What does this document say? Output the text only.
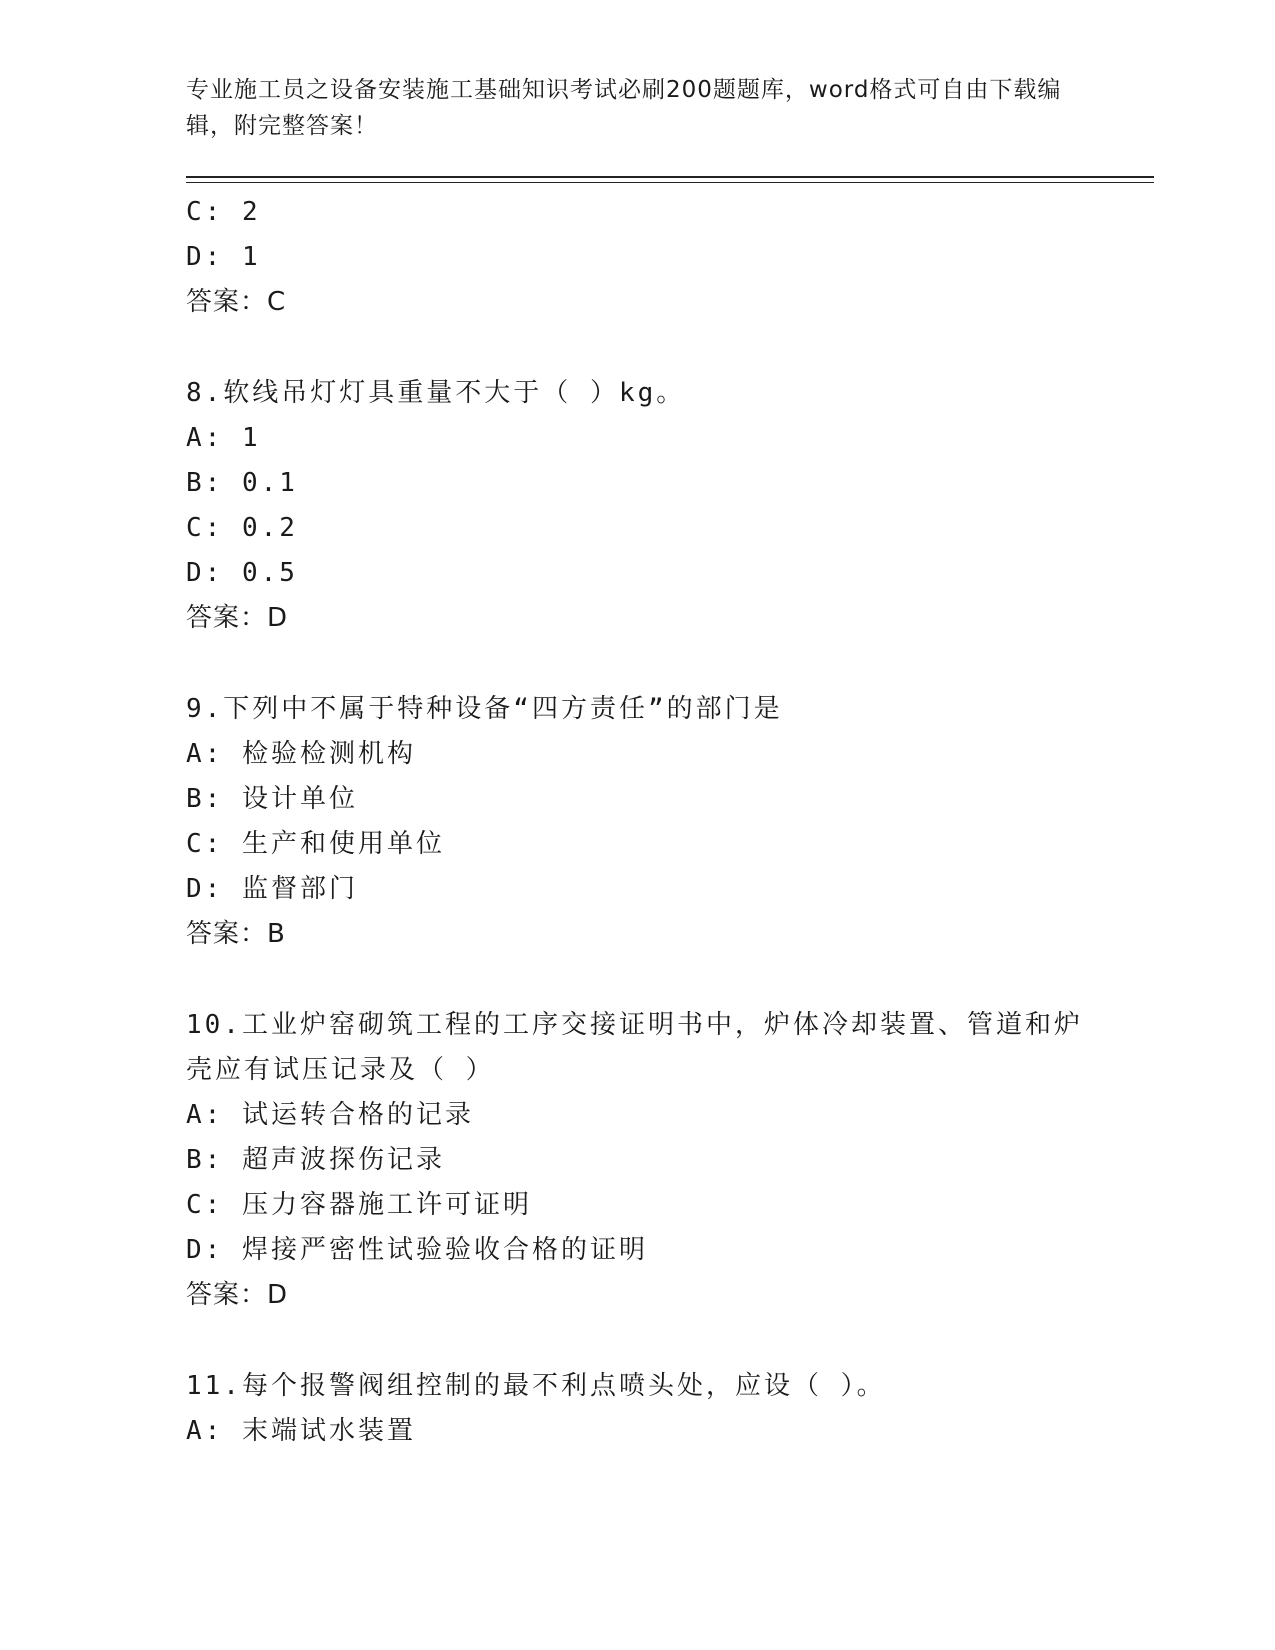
专业施工员之设备安装施工基础知识考试必刷200题题库，word格式可自由下载编辑，附完整答案！
C: 2
D: 1
答案：C
8.软线吊灯灯具重量不大于（ ）kg。
A: 1
B: 0.1
C: 0.2
D: 0.5
答案：D
9.下列中不属于特种设备“四方责任”的部门是
A: 检验检测机构
B: 设计单位
C: 生产和使用单位
D: 监督部门
答案：B
10.工业炉窑砌筑工程的工序交接证明书中，炉体冷却装置、管道和炉
壳应有试压记录及（ ）
A: 试运转合格的记录
B: 超声波探伤记录
C: 压力容器施工许可证明
D: 焊接严密性试验验收合格的证明
答案：D
11.每个报警阀组控制的最不利点喷头处，应设（ ）。
A: 末端试水装置
